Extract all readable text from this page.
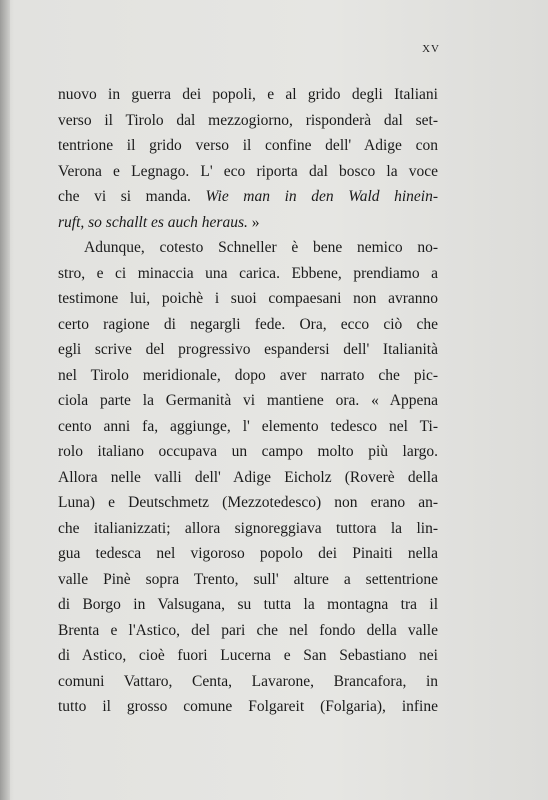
xv
nuovo in guerra dei popoli, e al grido degli Italiani
verso il Tirolo dal mezzogiorno, risponderà dal set-
tentrione il grido verso il confine dell' Adige con
Verona e Legnago. L' eco riporta dal bosco la voce
che vi si manda. Wie man in den Wald hinein-
ruft, so schallt es auch heraus. »
Adunque, cotesto Schneller è bene nemico no-
stro, e ci minaccia una carica. Ebbene, prendiamo a
testimone lui, poichè i suoi compaesani non avranno
certo ragione di negargli fede. Ora, ecco ciò che
egli scrive del progressivo espandersi dell' Italianità
nel Tirolo meridionale, dopo aver narrato che pic-
ciola parte la Germanità vi mantiene ora. « Appena
cento anni fa, aggiunge, l' elemento tedesco nel Ti-
rolo italiano occupava un campo molto più largo.
Allora nelle valli dell' Adige Eicholz (Roverè della
Luna) e Deutschmetz (Mezzotedesco) non erano an-
che italianizzati; allora signoreggiava tuttora la lin-
gua tedesca nel vigoroso popolo dei Pinaiti nella
valle Pinè sopra Trento, sull' alture a settentrione
di Borgo in Valsugana, su tutta la montagna tra il
Brenta e l'Astico, del pari che nel fondo della valle
di Astico, cioè fuori Lucerna e San Sebastiano nei
comuni Vattaro, Centa, Lavarone, Brancafora, in
tutto il grosso comune Folgareit (Folgaria), infine
